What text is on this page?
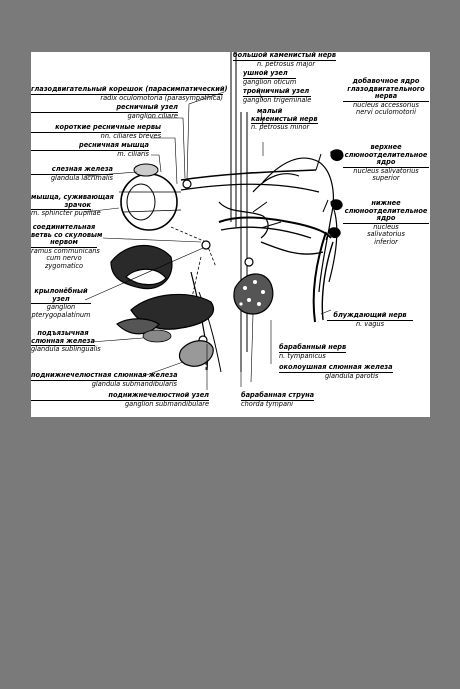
глазодвигательный корешок (парасимпатический)
radix oculomotoria (parasympathica)
ресничный узел
ganglion ciliare
короткие ресничные нервы
nn. ciliares breves
ресничная мышца
m. ciliaris
слезная железа
glandula lacrimalis
мышца, суживающая
зрачок
m. sphincter pupillae
соединительная
ветвь со скуловым
нервом
ramus communicans
cum nervo
zygomatico
крылонёбный
узел
ganglion
pterygopalatinum
подъязычная
слюнная железа
glandula sublingualis
поднижнечелюстная слюнная железа
glandula submandibularis
поднижнечелюстной узел
ganglion submandibulare
большой каменистый нерв
n. petrosus major
ушной узел
ganglion oticum
тройничный узел
ganglion trigeminale
малый
каменистый нерв
n. petrosus minor
добавочное ядро
глазодвигательного
нерва
nucleus accessorius
nervi oculomotorii
верхнее
слюноотделительное
ядро
nucleus salivatorius
superior
нижнее
слюноотделительное
ядро
nucleus
salivatorius
inferior
блуждающий нерв
n. vagus
барабанный нерв
n. tympanicus
околоушная слюнная железа
glandula parotis
барабанная струна
chorda tympani
